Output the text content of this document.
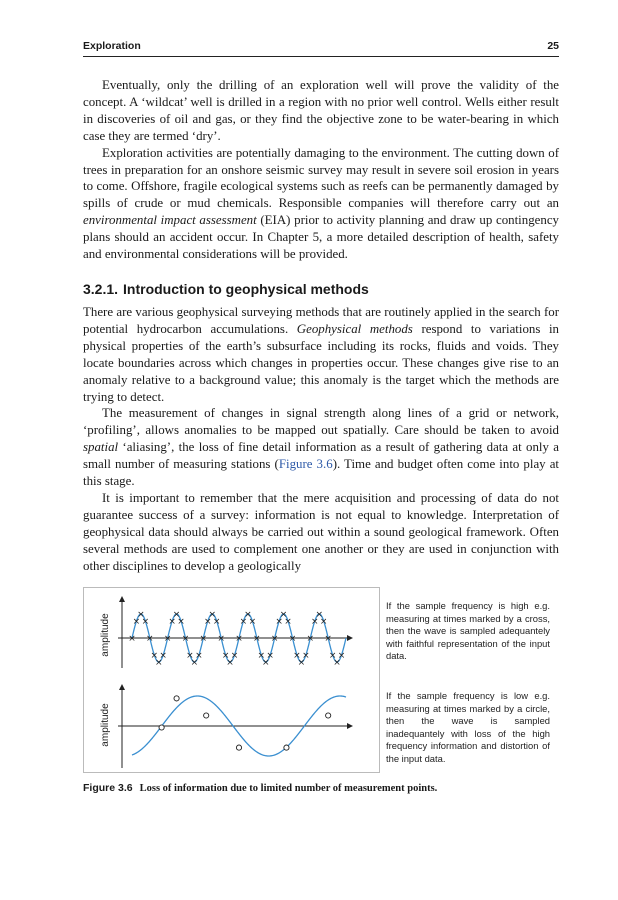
Exploration	25

Eventually, only the drilling of an exploration well will prove the validity of the concept. A ‘wildcat’ well is drilled in a region with no prior well control. Wells either result in discoveries of oil and gas, or they find the objective zone to be water-bearing in which case they are termed ‘dry’.

Exploration activities are potentially damaging to the environment. The cutting down of trees in preparation for an onshore seismic survey may result in severe soil erosion in years to come. Offshore, fragile ecological systems such as reefs can be permanently damaged by spills of crude or mud chemicals. Responsible companies will therefore carry out an environmental impact assessment (EIA) prior to activity planning and draw up contingency plans should an accident occur. In Chapter 5, a more detailed description of health, safety and environmental considerations will be provided.

3.2.1. Introduction to geophysical methods

There are various geophysical surveying methods that are routinely applied in the search for potential hydrocarbon accumulations. Geophysical methods respond to variations in physical properties of the earth’s subsurface including its rocks, fluids and voids. They locate boundaries across which changes in properties occur. These changes give rise to an anomaly relative to a background value; this anomaly is the target which the methods are trying to detect.

The measurement of changes in signal strength along lines of a grid or network, ‘profiling’, allows anomalies to be mapped out spatially. Care should be taken to avoid spatial ‘aliasing’, the loss of fine detail information as a result of gathering data at only a small number of measuring stations (Figure 3.6). Time and budget often come into play at this stage.

It is important to remember that the mere acquisition and processing of data do not guarantee success of a survey: information is not equal to knowledge. Interpretation of geophysical data should always be carried out within a sound geological framework. Often several methods are used to complement one another or they are used in conjunction with other disciplines to develop a geologically

amplitude ×
×
×
×
×
×
×
×
×
×
×
×
×
×
×
×
×
×
×
×
×
×
×
×
×
×
×
×
×
×
×
×
×
×
×
×
×
×
×
×
×
×
×
×
×
×
×
×
amplitude
If the sample frequency is high e.g. measuring at times marked by a cross, then the wave is sampled adequantely with faithful representation of the input data.
If the sample frequency is low e.g. measuring at times marked by a circle, then the wave is sampled inadequantely with loss of the high frequency information and distortion of the input data.
Figure 3.6 Loss of information due to limited number of measurement points.
